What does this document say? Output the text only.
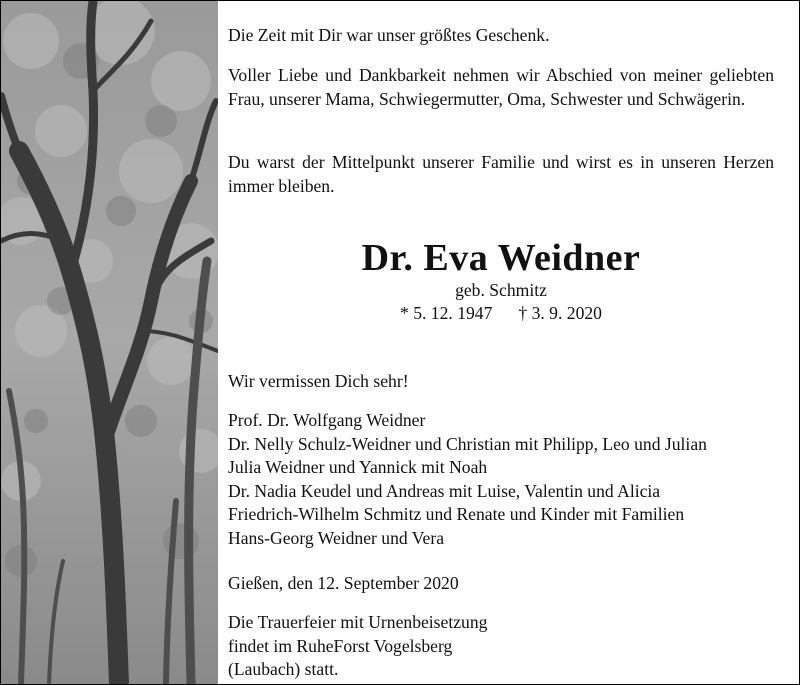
Die Zeit mit Dir war unser größtes Geschenk.

Voller Liebe und Dankbarkeit nehmen wir Abschied von meiner geliebten Frau, unserer Mama, Schwiegermutter, Oma, Schwester und Schwägerin.

Du warst der Mittelpunkt unserer Familie und wirst es in unseren Herzen immer bleiben.

Dr. Eva Weidner
geb. Schmitz
* 5. 12. 1947 † 3. 9. 2020

Wir vermissen Dich sehr!

Prof. Dr. Wolfgang Weidner
Dr. Nelly Schulz-Weidner und Christian mit Philipp, Leo und Julian
Julia Weidner und Yannick mit Noah
Dr. Nadia Keudel und Andreas mit Luise, Valentin und Alicia
Friedrich-Wilhelm Schmitz und Renate und Kinder mit Familien
Hans-Georg Weidner und Vera

Gießen, den 12. September 2020

Die Trauerfeier mit Urnenbeisetzung findet im RuheForst Vogelsberg (Laubach) statt.
